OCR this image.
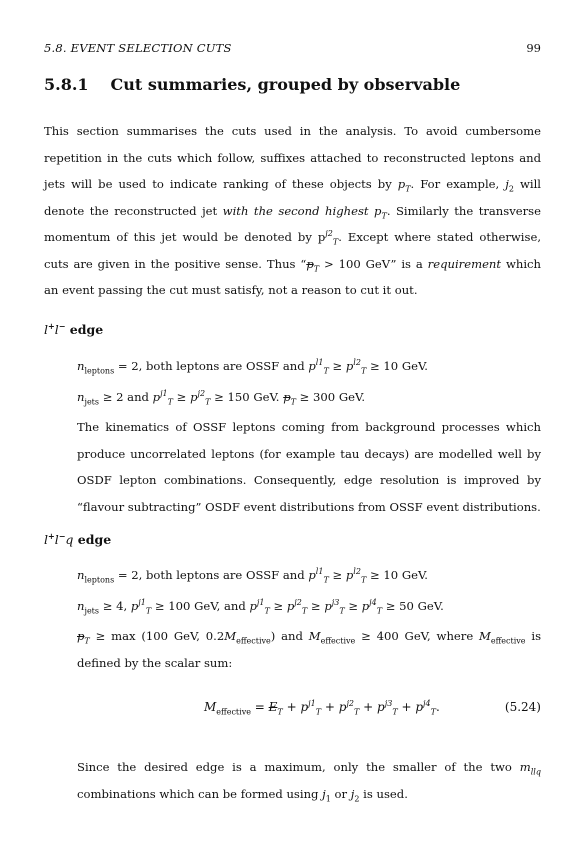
5.8. EVENT SELECTION CUTS	99
5.8.1 Cut summaries, grouped by observable

This section summarises the cuts used in the analysis. To avoid cumbersome repetition in the cuts which follow, suffixes attached to reconstructed leptons and jets will be used to indicate ranking of these objects by $p_T$. For example, $j_2$ will denote the reconstructed jet with the second highest $p_T$. Similarly the transverse momentum of this jet would be denoted by $p^{j2}_T$. Except where stated otherwise, cuts are given in the positive sense. Thus “$p_T > 100$ GeV” is a requirement which an event passing the cut must satisfy, not a reason to cut it out.

l+l− edge

$n_{leptons} = 2$, both leptons are OSSF and $p^{l1}_T \ge p^{l2}_T \ge 10$ GeV.

$n_{jets} \ge 2$ and $p^{j1}_T \ge p^{j2}_T \ge 150$ GeV. $p_T \ge 300$ GeV.

The kinematics of OSSF leptons coming from background processes which produce uncorrelated leptons (for example tau decays) are modelled well by OSDF lepton combinations. Consequently, edge resolution is improved by “flavour subtracting” OSDF event distributions from OSSF event distributions.

l+l−q edge

$n_{leptons} = 2$, both leptons are OSSF and $p^{l1}_T \ge p^{l2}_T \ge 10$ GeV.

$n_{jets} \ge 4$, $p^{j1}_T \ge 100$ GeV, and $p^{j1}_T \ge p^{j2}_T \ge p^{j3}_T \ge p^{j4}_T \ge 50$ GeV.

$p_T \ge \max (100$ GeV, $0.2M_{effective}$) and $M_{effective} \ge 400$ GeV, where $M_{effective}$ is defined by the scalar sum:

$M_{effective} = E_T + p^{j1}_T + p^{j2}_T + p^{j3}_T + p^{j4}_T$.	(5.24)

Since the desired edge is a maximum, only the smaller of the two $m_{llq}$ combinations which can be formed using $j_1$ or $j_2$ is used.
